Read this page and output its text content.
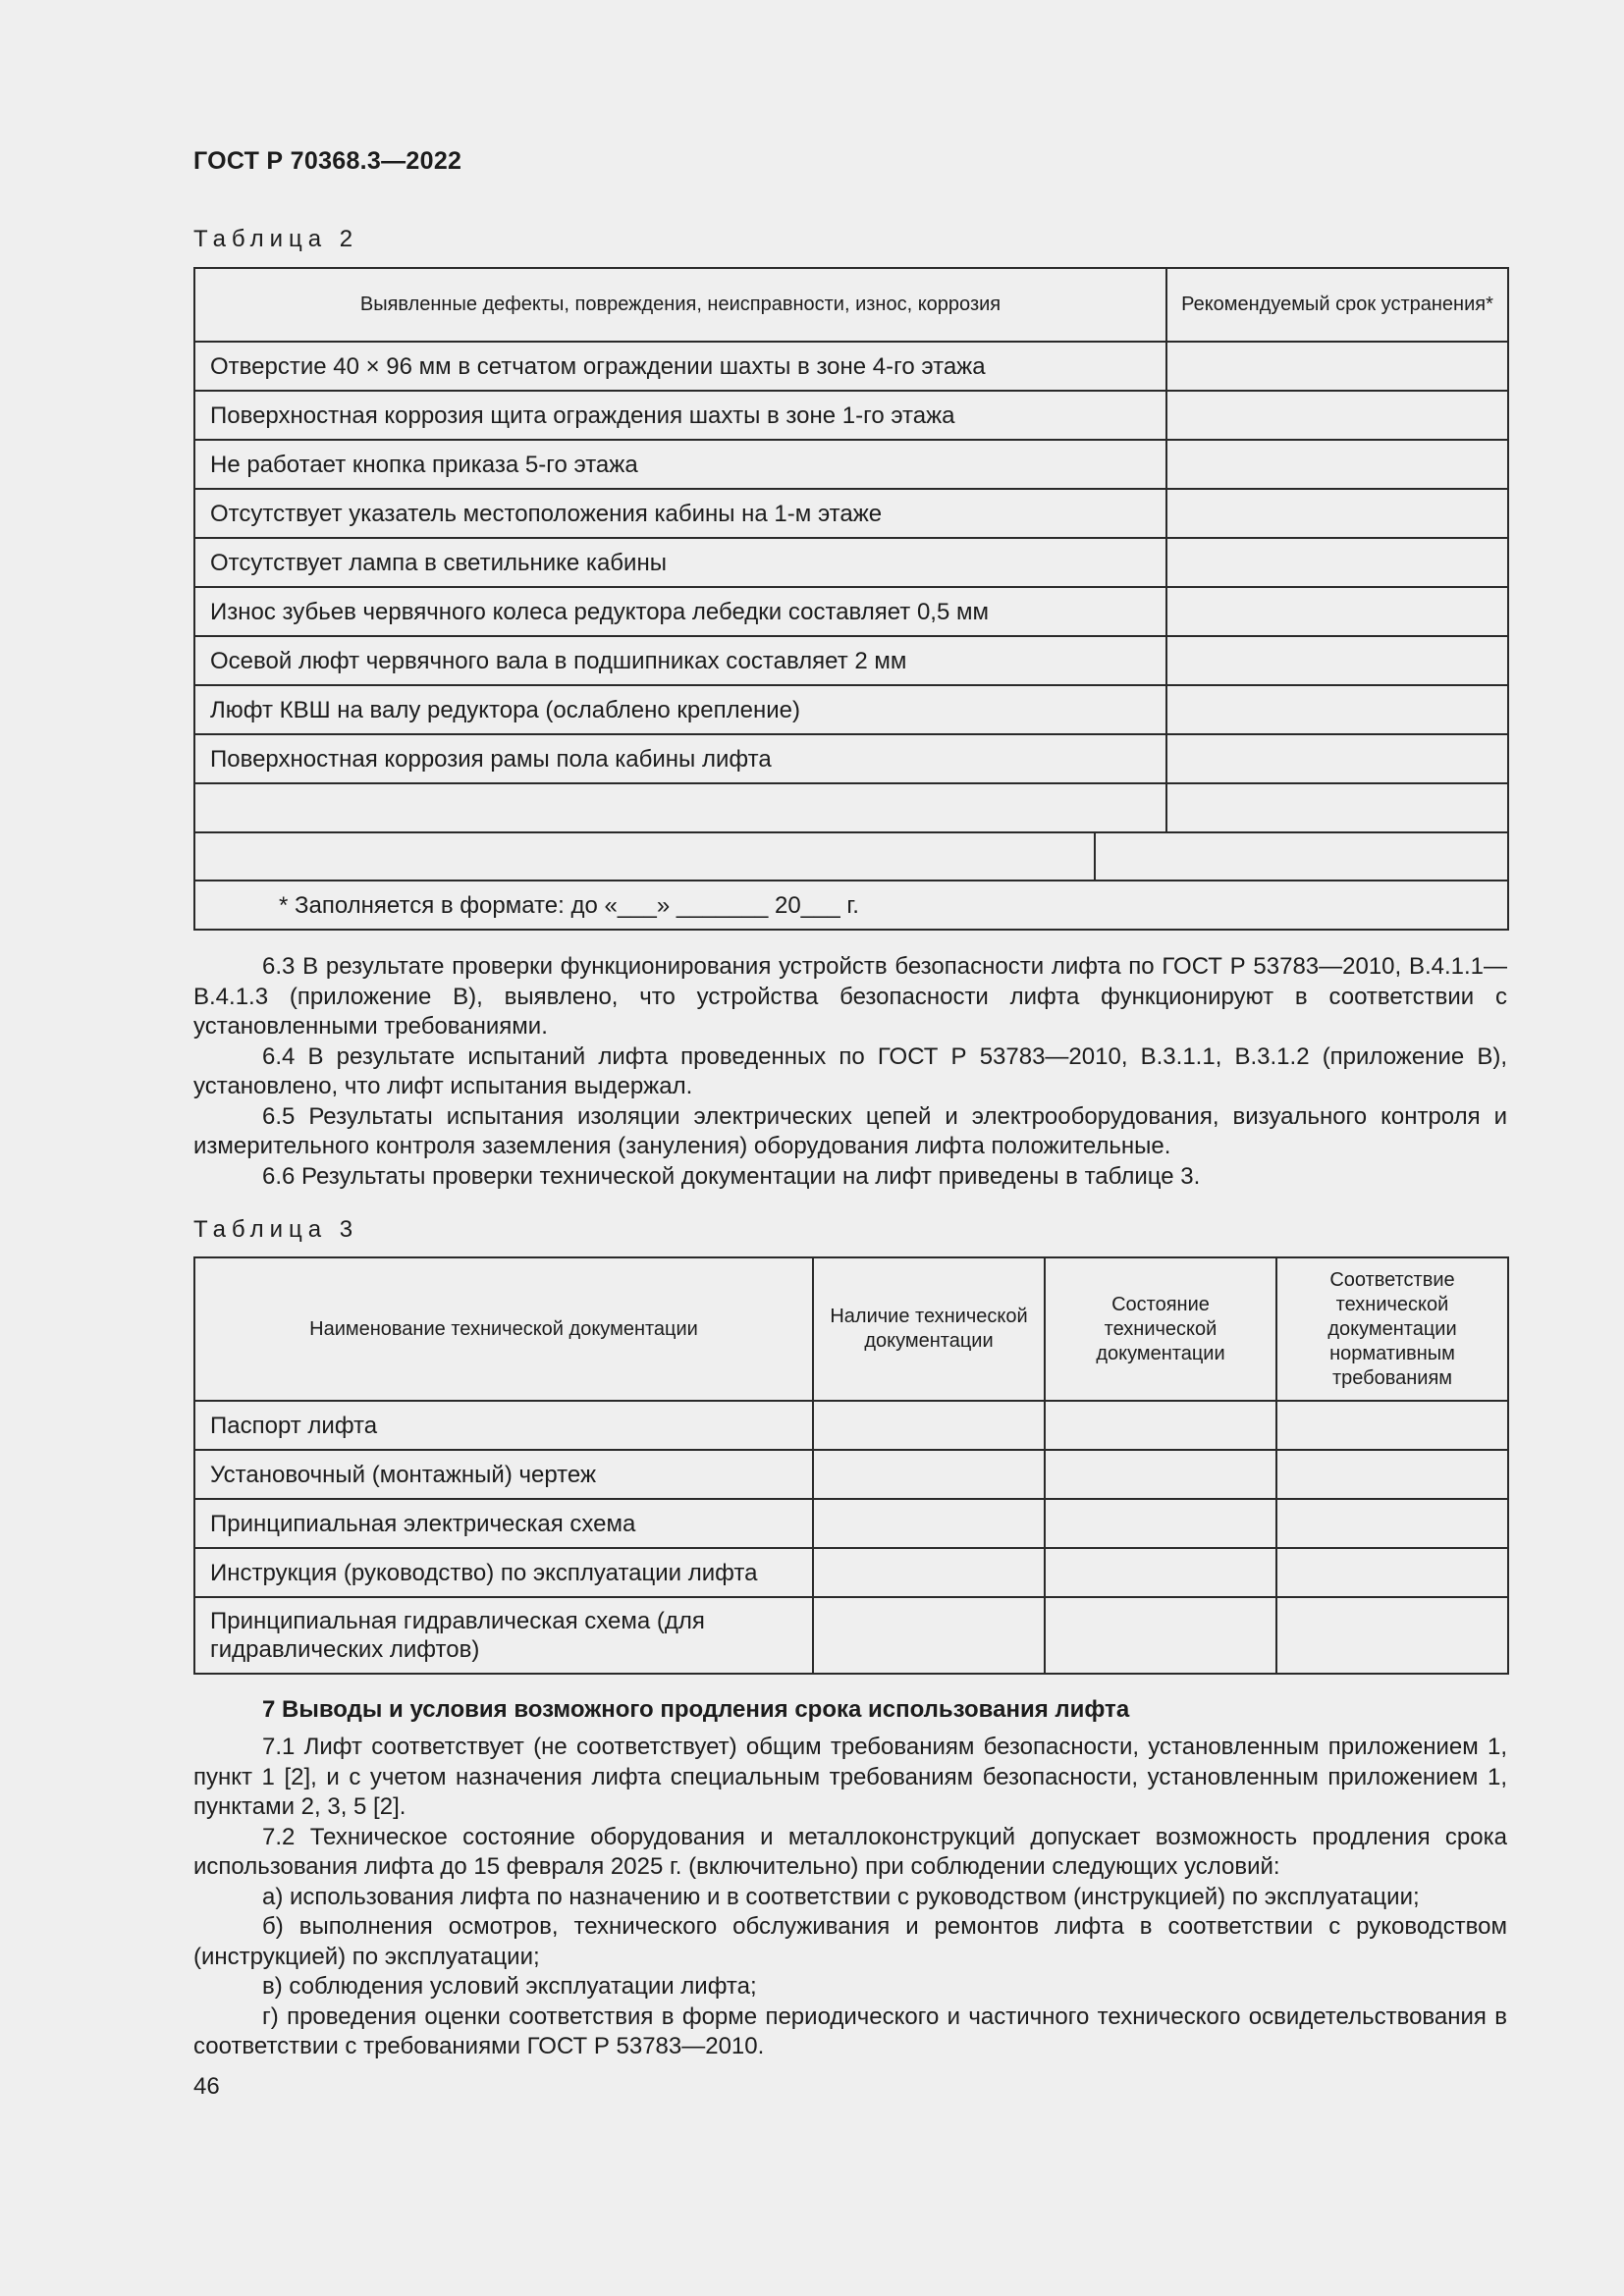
ГОСТ Р 70368.3—2022
Таблица 2
Выявленные дефекты, повреждения, неисправности, износ, коррозия	Рекомендуемый срок устранения*
Отверстие 40 × 96 мм в сетчатом ограждении шахты в зоне 4-го этажа	
Поверхностная коррозия щита ограждения шахты в зоне 1-го этажа	
Не работает кнопка приказа 5-го этажа	
Отсутствует указатель местоположения кабины на 1-м этаже	
Отсутствует лампа в светильнике кабины	
Износ зубьев червячного колеса редуктора лебедки составляет 0,5 мм	
Осевой люфт червячного вала в подшипниках составляет 2 мм	
Люфт КВШ на валу редуктора (ослаблено крепление)	
Поверхностная коррозия рамы пола кабины лифта	

* Заполняется в формате: до «___» _______ 20___ г.	

6.3 В результате проверки функционирования устройств безопасности лифта по ГОСТ Р 53783—2010, В.4.1.1—В.4.1.3 (приложение В), выявлено, что устройства безопасности лифта функционируют в соответствии с установленными требованиями.

6.4 В результате испытаний лифта проведенных по ГОСТ Р 53783—2010, В.3.1.1, В.3.1.2 (приложение В), установлено, что лифт испытания выдержал.

6.5 Результаты испытания изоляции электрических цепей и электрооборудования, визуального контроля и измерительного контроля заземления (зануления) оборудования лифта положительные.

6.6 Результаты проверки технической документации на лифт приведены в таблице 3.

Таблица 3
Наименование технической документации	Наличие технической документации	Состояние технической документации	Соответствие технической документации нормативным требованиям
Паспорт лифта			
Установочный (монтажный) чертеж			
Принципиальная электрическая схема			
Инструкция (руководство) по эксплуатации лифта			
Принципиальная гидравлическая схема (для гидравлических лифтов)			
7 Выводы и условия возможного продления срока использования лифта

7.1 Лифт соответствует (не соответствует) общим требованиям безопасности, установленным приложением 1, пункт 1 [2], и с учетом назначения лифта специальным требованиям безопасности, установленным приложением 1, пунктами 2, 3, 5 [2].

7.2 Техническое состояние оборудования и металлоконструкций допускает возможность продления срока использования лифта до 15 февраля 2025 г. (включительно) при соблюдении следующих условий:

а) использования лифта по назначению и в соответствии с руководством (инструкцией) по эксплуатации;

б) выполнения осмотров, технического обслуживания и ремонтов лифта в соответствии с руководством (инструкцией) по эксплуатации;

в) соблюдения условий эксплуатации лифта;

г) проведения оценки соответствия в форме периодического и частичного технического освидетельствования в соответствии с требованиями ГОСТ Р 53783—2010.

46
